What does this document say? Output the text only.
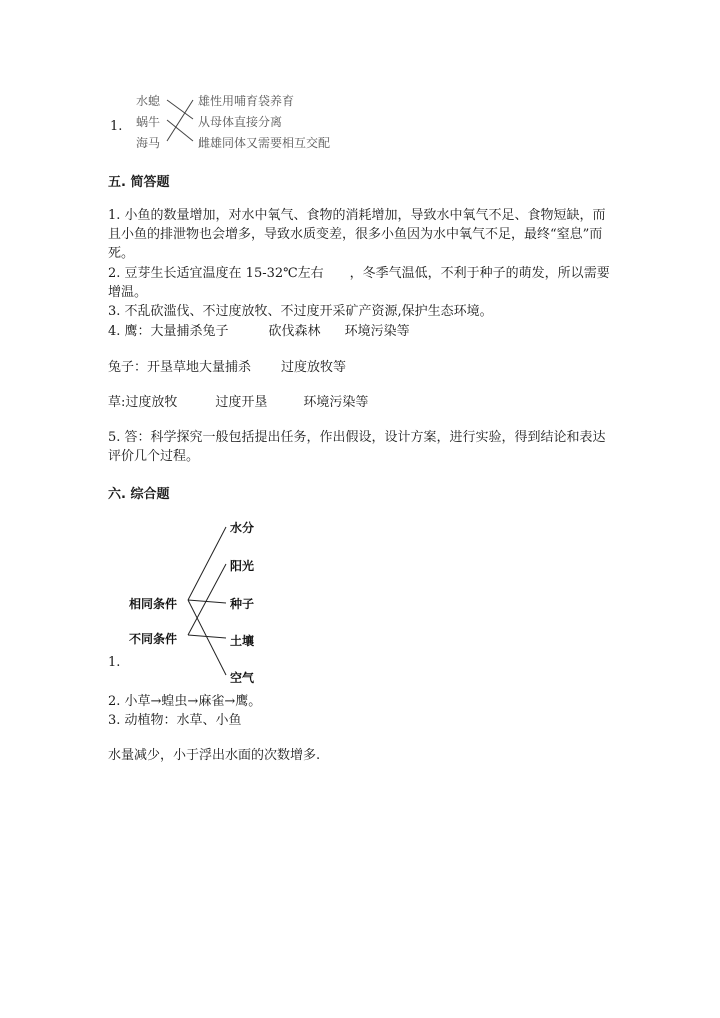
1.
水螅
蜗牛
海马
雄性用哺育袋养育
从母体直接分离
雌雄同体又需要相互交配
五. 简答题
1. 小鱼的数量增加，对水中氧气、食物的消耗增加，导致水中氧气不足、食物短缺，而且小鱼的排泄物也会增多，导致水质变差，很多小鱼因为水中氧气不足，最终“窒息”而死。
2. 豆芽生长适宜温度在 15-32℃左右　　，冬季气温低，不利于种子的萌发，所以需要增温。
3. 不乱砍滥伐、不过度放牧、不过度开采矿产资源,保护生态环境。
4. 鹰：大量捕杀兔子	砍伐森林 环境污染等
兔子：开垦草地大量捕杀 过度放牧等
草:过度放牧	过度开垦	环境污染等
5. 答：科学探究一般包括提出任务，作出假设，设计方案，进行实验，得到结论和表达评价几个过程。
六. 综合题
相同条件
不同条件
水分
阳光
种子
土壤
空气
1.
2. 小草→蝗虫→麻雀→鹰。
3. 动植物：水草、小鱼
水量减少，小于浮出水面的次数增多.
